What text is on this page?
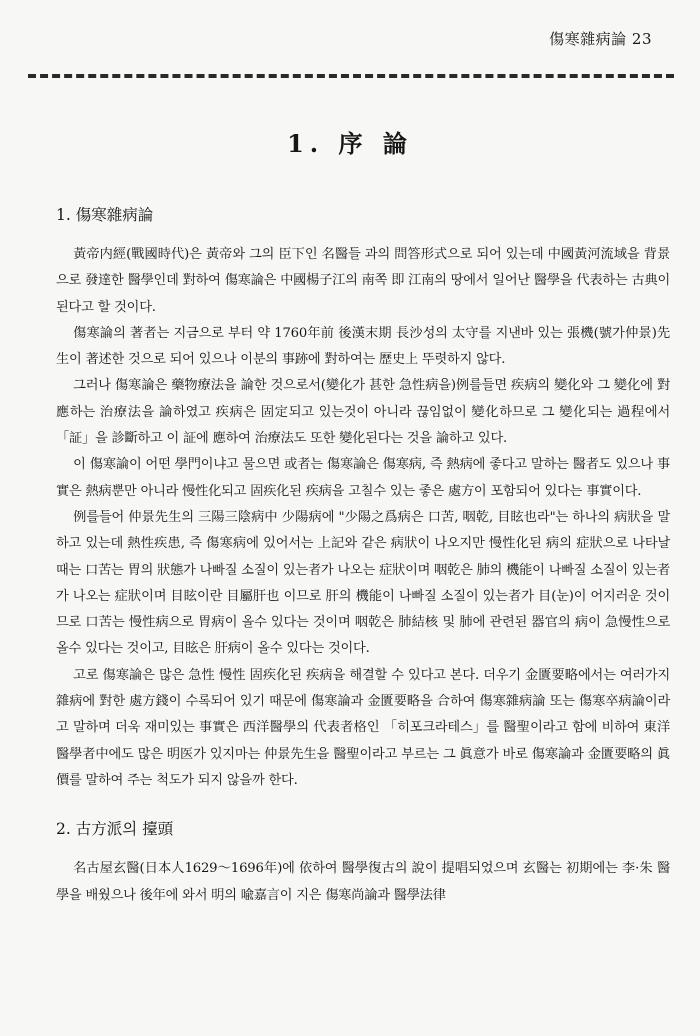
傷寒雜病論 23
1. 序 論
1. 傷寒雜病論

黃帝内經(戰國時代)은 黃帝와 그의 臣下인 名醫들 과의 問答形式으로 되어 있는데 中國黃河流域을 背景으로 發達한 醫學인데 對하여 傷寒論은 中國楊子江의 南쪽 即 江南의 땅에서 일어난 醫學을 代表하는 古典이 된다고 할 것이다.

傷寒論의 著者는 지금으로 부터 약 1760年前 後漢末期 長沙성의 太守를 지낸바 있는 張機(號가仲景)先生이 著述한 것으로 되어 있으나 이분의 事跡에 對하여는 歷史上 뚜렷하지 않다.

그러나 傷寒論은 藥物療法을 論한 것으로서(變化가 甚한 急性病을)例를들면 疾病의 變化와 그 變化에 對應하는 治療法을 論하였고 疾病은 固定되고 있는것이 아니라 끊임없이 變化하므로 그 變化되는 過程에서 「証」을 診斷하고 이 証에 應하여 治療法도 또한 變化된다는 것을 論하고 있다.

이 傷寒論이 어떤 學門이냐고 물으면 或者는 傷寒論은 傷寒病, 즉 熱病에 좋다고 말하는 醫者도 있으나 事實은 熱病뿐만 아니라 慢性化되고 固疾化된 疾病을 고칠수 있는 좋은 處方이 포함되어 있다는 事實이다.

例를들어 仲景先生의 三陽三陰病中 少陽病에 "少陽之爲病은 口苦, 咽乾, 目眩也라"는 하나의 病狀을 말하고 있는데 熱性疾患, 즉 傷寒病에 있어서는 上記와 같은 病狀이 나오지만 慢性化된 病의 症狀으로 나타날 때는 口苦는 胃의 狀態가 나빠질 소질이 있는者가 나오는 症狀이며 咽乾은 肺의 機能이 나빠질 소질이 있는者가 나오는 症狀이며 目眩이란 目屬肝也 이므로 肝의 機能이 나빠질 소질이 있는者가 目(눈)이 어지러운 것이므로 口苦는 慢性病으로 胃病이 올수 있다는 것이며 咽乾은 肺結核 및 肺에 관련된 器官의 病이 急慢性으로 올수 있다는 것이고, 目眩은 肝病이 올수 있다는 것이다.

고로 傷寒論은 많은 急性 慢性 固疾化된 疾病을 해결할 수 있다고 본다. 더우기 金匱要略에서는 여러가지 雜病에 對한 處方錢이 수록되어 있기 때문에 傷寒論과 金匱要略을 合하여 傷寒雜病論 또는 傷寒卒病論이라고 말하며 더욱 재미있는 事實은 西洋醫學의 代表者格인 「히포크라테스」를 醫聖이라고 함에 비하여 東洋醫學者中에도 많은 明医가 있지마는 仲景先生을 醫聖이라고 부르는 그 眞意가 바로 傷寒論과 金匱要略의 眞價를 말하여 주는 척도가 되지 않을까 한다.

2. 古方派의 擡頭

名古屋玄醫(日本人1629～1696年)에 依하여 醫學復古의 說이 提唱되었으며 玄醫는 初期에는 李·朱 醫學을 배웠으나 後年에 와서 明의 喩嘉言이 지은 傷寒尚論과 醫學法律
